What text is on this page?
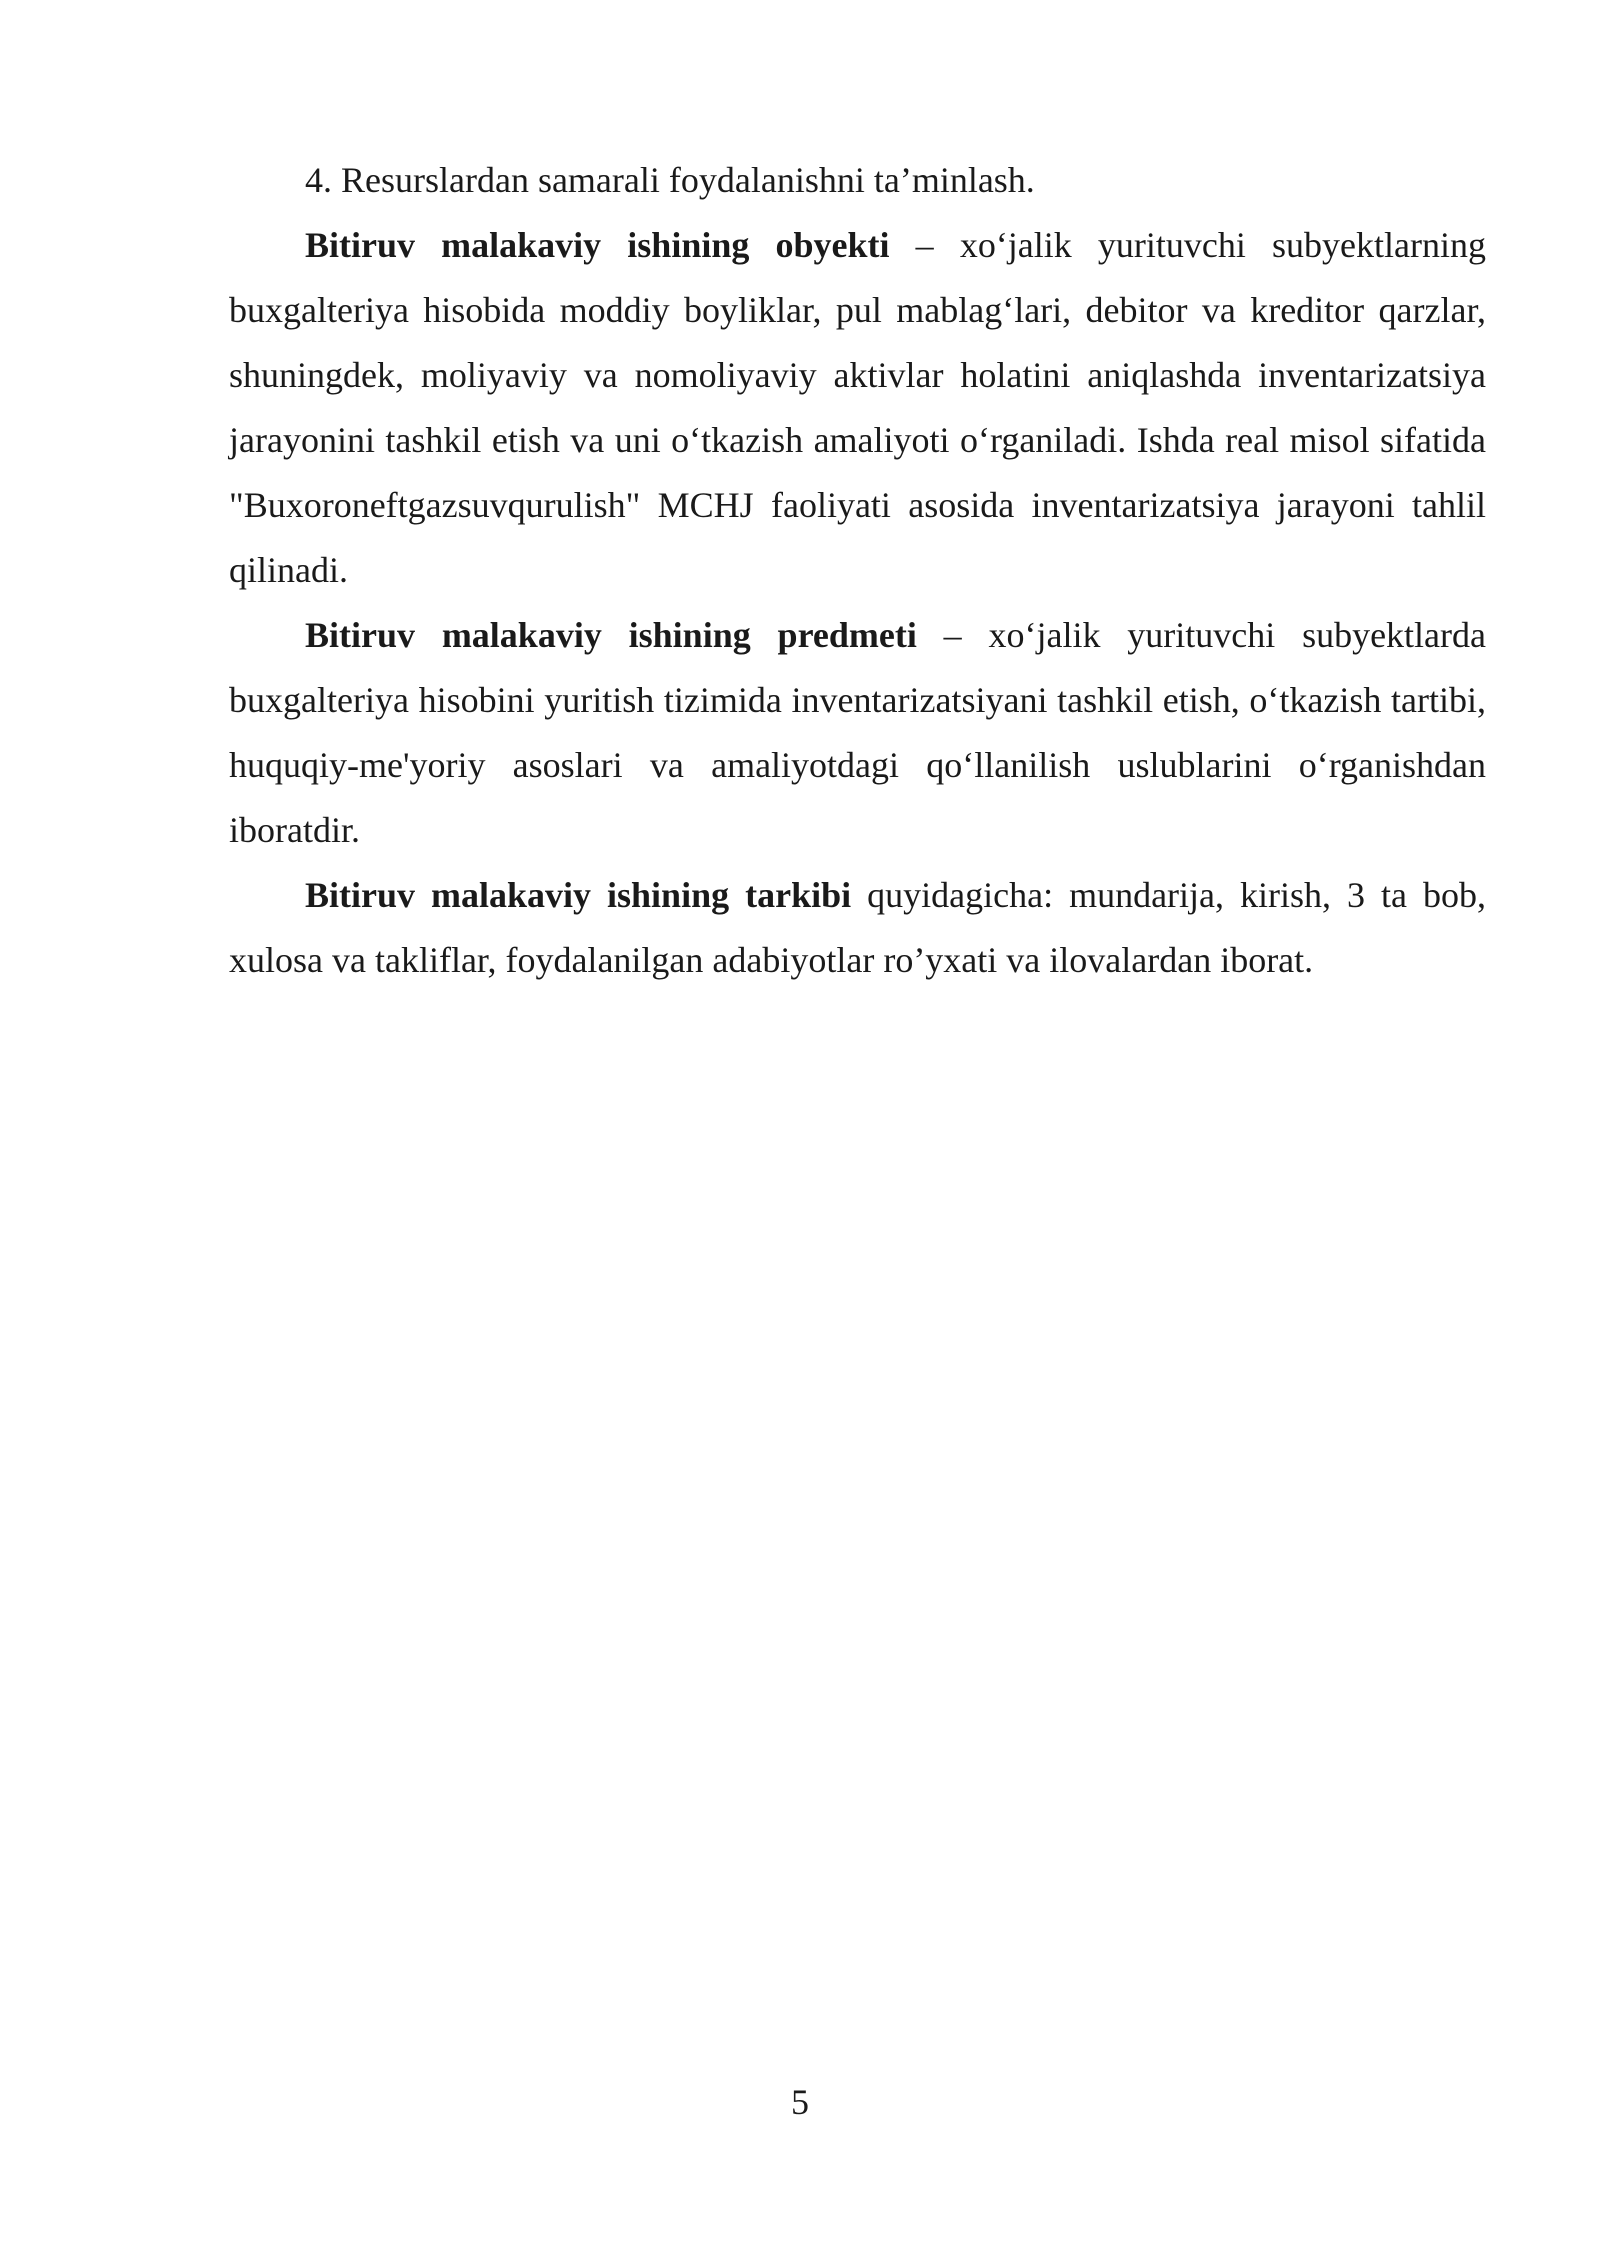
4. Resurslardan samarali foydalanishni ta’minlash.

Bitiruv malakaviy ishining obyekti – xo‘jalik yurituvchi subyektlarning buxgalteriya hisobida moddiy boyliklar, pul mablag‘lari, debitor va kreditor qarzlar, shuningdek, moliyaviy va nomoliyaviy aktivlar holatini aniqlashda inventarizatsiya jarayonini tashkil etish va uni o‘tkazish amaliyoti o‘rganiladi. Ishda real misol sifatida "Buxoroneftgazsuvqurulish" MCHJ faoliyati asosida inventarizatsiya jarayoni tahlil qilinadi.

Bitiruv malakaviy ishining predmeti – xo‘jalik yurituvchi subyektlarda buxgalteriya hisobini yuritish tizimida inventarizatsiyani tashkil etish, o‘tkazish tartibi, huquqiy-me'yoriy asoslari va amaliyotdagi qo‘llanilish uslublarini o‘rganishdan iboratdir.

Bitiruv malakaviy ishining tarkibi quyidagicha: mundarija, kirish, 3 ta bob, xulosa va takliflar, foydalanilgan adabiyotlar ro’yxati va ilovalardan iborat.

5
